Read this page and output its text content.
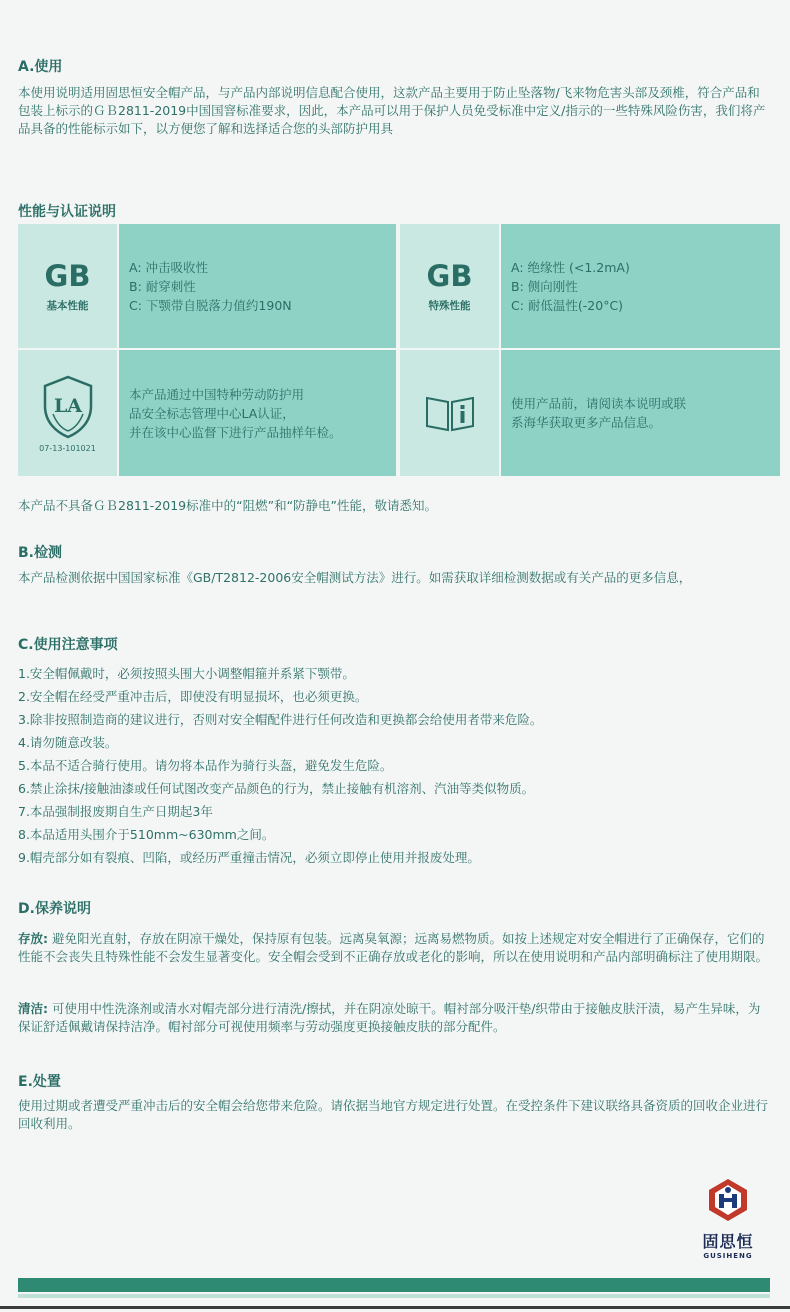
A.使用

本使用说明适用固思恒安全帽产品，与产品内部说明信息配合使用，这款产品主要用于防止坠落物/飞来物危害头部及颈椎，符合产品和包装上标示的ＧＢ2811-2019中国国窨标准要求，因此，本产品可以用于保护人员免受标准中定义/指示的一些特殊风险伤害，我们将产品具备的性能标示如下，以方便您了解和选择适合您的头部防护用具

性能与认证说明
GB
基本性能
A: 冲击吸收性
B: 耐穿刺性
C: 下颚带自脱落力值约190N
GB
特殊性能
A: 绝缘性 (<1.2mA)
B: 侧向刚性
C: 耐低温性(-20°C)
LA
07-13-101021
本产品通过中国特种劳动防护用
品安全标志管理中心LA认证，
并在该中心监督下进行产品抽样年检。
使用产品前，请阅读本说明或联
系海华获取更多产品信息。

本产品不具备ＧＢ2811-2019标准中的“阻燃”和“防静电”性能，敬请悉知。

B.检测

本产品检测依据中国国家标准《GB/T2812-2006安全帽测试方法》进行。如需获取详细检测数据或有关产品的更多信息，

C.使用注意事项
1.安全帽佩戴时，必须按照头围大小调整帽箍并系紧下颚带。
2.安全帽在经受严重冲击后，即使没有明显损坏，也必须更换。
3.除非按照制造商的建议进行，否则对安全帽配件进行任何改造和更换都会给使用者带来危险。
4.请勿随意改装。
5.本品不适合骑行使用。请勿将本品作为骑行头盔，避免发生危险。
6.禁止涂抹/接触油漆或任何试图改变产品颜色的行为，禁止接触有机溶剂、汽油等类似物质。
7.本品强制报废期自生产日期起3年
8.本品适用头围介于510mm~630mm之间。
9.帽壳部分如有裂痕、凹陷，或经历严重撞击情况，必须立即停止使用并报废处理。
D.保养说明

存放: 避免阳光直射，存放在阴凉干燥处，保持原有包装。远离臭氧源；远离易燃物质。如按上述规定对安全帽进行了正确保存，它们的性能不会丧失且特殊性能不会发生显著变化。安全帽会受到不正确存放或老化的影响，所以在使用说明和产品内部明确标注了使用期限。

清洁: 可使用中性洗涤剂或清水对帽壳部分进行清洗/擦拭，并在阴凉处晾干。帽衬部分吸汗垫/织带由于接触皮肤汗渍，易产生异味，为保证舒适佩戴请保持洁净。帽衬部分可视使用频率与劳动强度更换接触皮肤的部分配件。

E.处置

使用过期或者遭受严重冲击后的安全帽会给您带来危险。请依据当地官方规定进行处置。在受控条件下建议联络具备资质的回收企业进行回收利用。

固思恒
GUSIHENG
